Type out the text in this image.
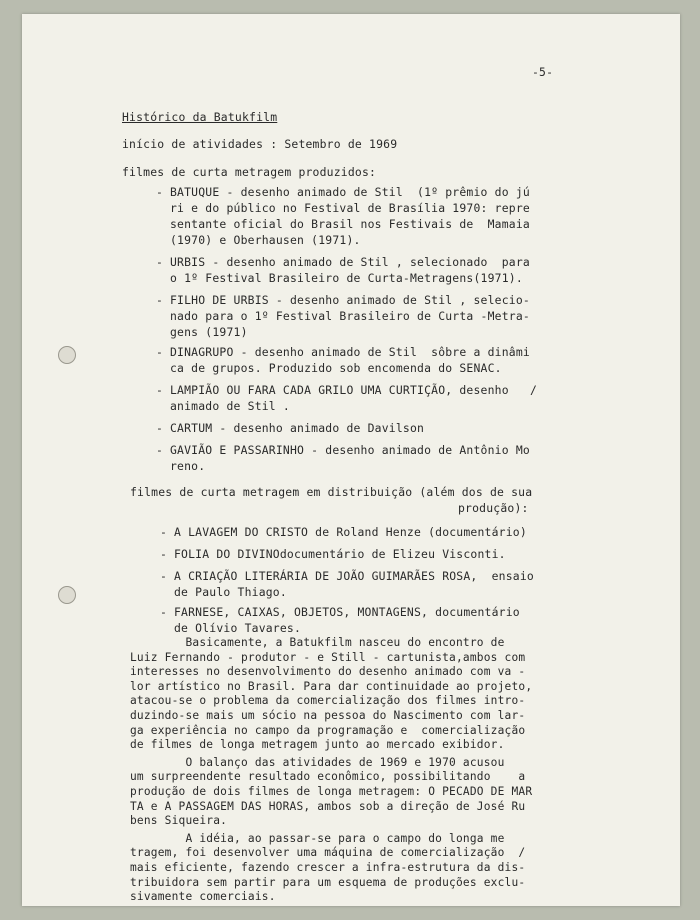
-5-
Histórico da Batukfilm
início de atividades : Setembro de 1969
filmes de curta metragem produzidos:
- BATUQUE - desenho animado de Stil  (1º prêmio do jú
ri e do público no Festival de Brasília 1970: repre
sentante oficial do Brasil nos Festivais de  Mamaia
(1970) e Oberhausen (1971).
- URBIS - desenho animado de Stil , selecionado  para
o 1º Festival Brasileiro de Curta-Metragens(1971).
- FILHO DE URBIS - desenho animado de Stil , selecio-
nado para o 1º Festival Brasileiro de Curta -Metra-
gens (1971)
- DINAGRUPO - desenho animado de Stil  sôbre a dinâmi
ca de grupos. Produzido sob encomenda do SENAC.
- LAMPIÃO OU FARA CADA GRILO UMA CURTIÇÃO, desenho   /
animado de Stil .
- CARTUM - desenho animado de Davilson
- GAVIÃO E PASSARINHO - desenho animado de Antônio Mo
reno.
filmes de curta metragem em distribuição (além dos de sua
produção):
- A LAVAGEM DO CRISTO de Roland Henze (documentário)
- FOLIA DO DIVINOdocumentário de Elizeu Visconti.
- A CRIAÇÃO LITERÁRIA DE JOÃO GUIMARÃES ROSA,  ensaio
de Paulo Thiago.
- FARNESE, CAIXAS, OBJETOS, MONTAGENS, documentário
de Olívio Tavares.
Basicamente, a Batukfilm nasceu do encontro de
Luiz Fernando - produtor - e Still - cartunista,ambos com
interesses no desenvolvimento do desenho animado com va -
lor artístico no Brasil. Para dar continuidade ao projeto,
atacou-se o problema da comercialização dos filmes intro-
duzindo-se mais um sócio na pessoa do Nascimento com lar-
ga experiência no campo da programação e  comercialização
de filmes de longa metragem junto ao mercado exibidor.
O balanço das atividades de 1969 e 1970 acusou
um surpreendente resultado econômico, possibilitando    a
produção de dois filmes de longa metragem: O PECADO DE MAR
TA e A PASSAGEM DAS HORAS, ambos sob a direção de José Ru
bens Siqueira.
A idéia, ao passar-se para o campo do longa me
tragem, foi desenvolver uma máquina de comercialização  /
mais eficiente, fazendo crescer a infra-estrutura da dis-
tribuidora sem partir para um esquema de produções exclu-
sivamente comerciais.
